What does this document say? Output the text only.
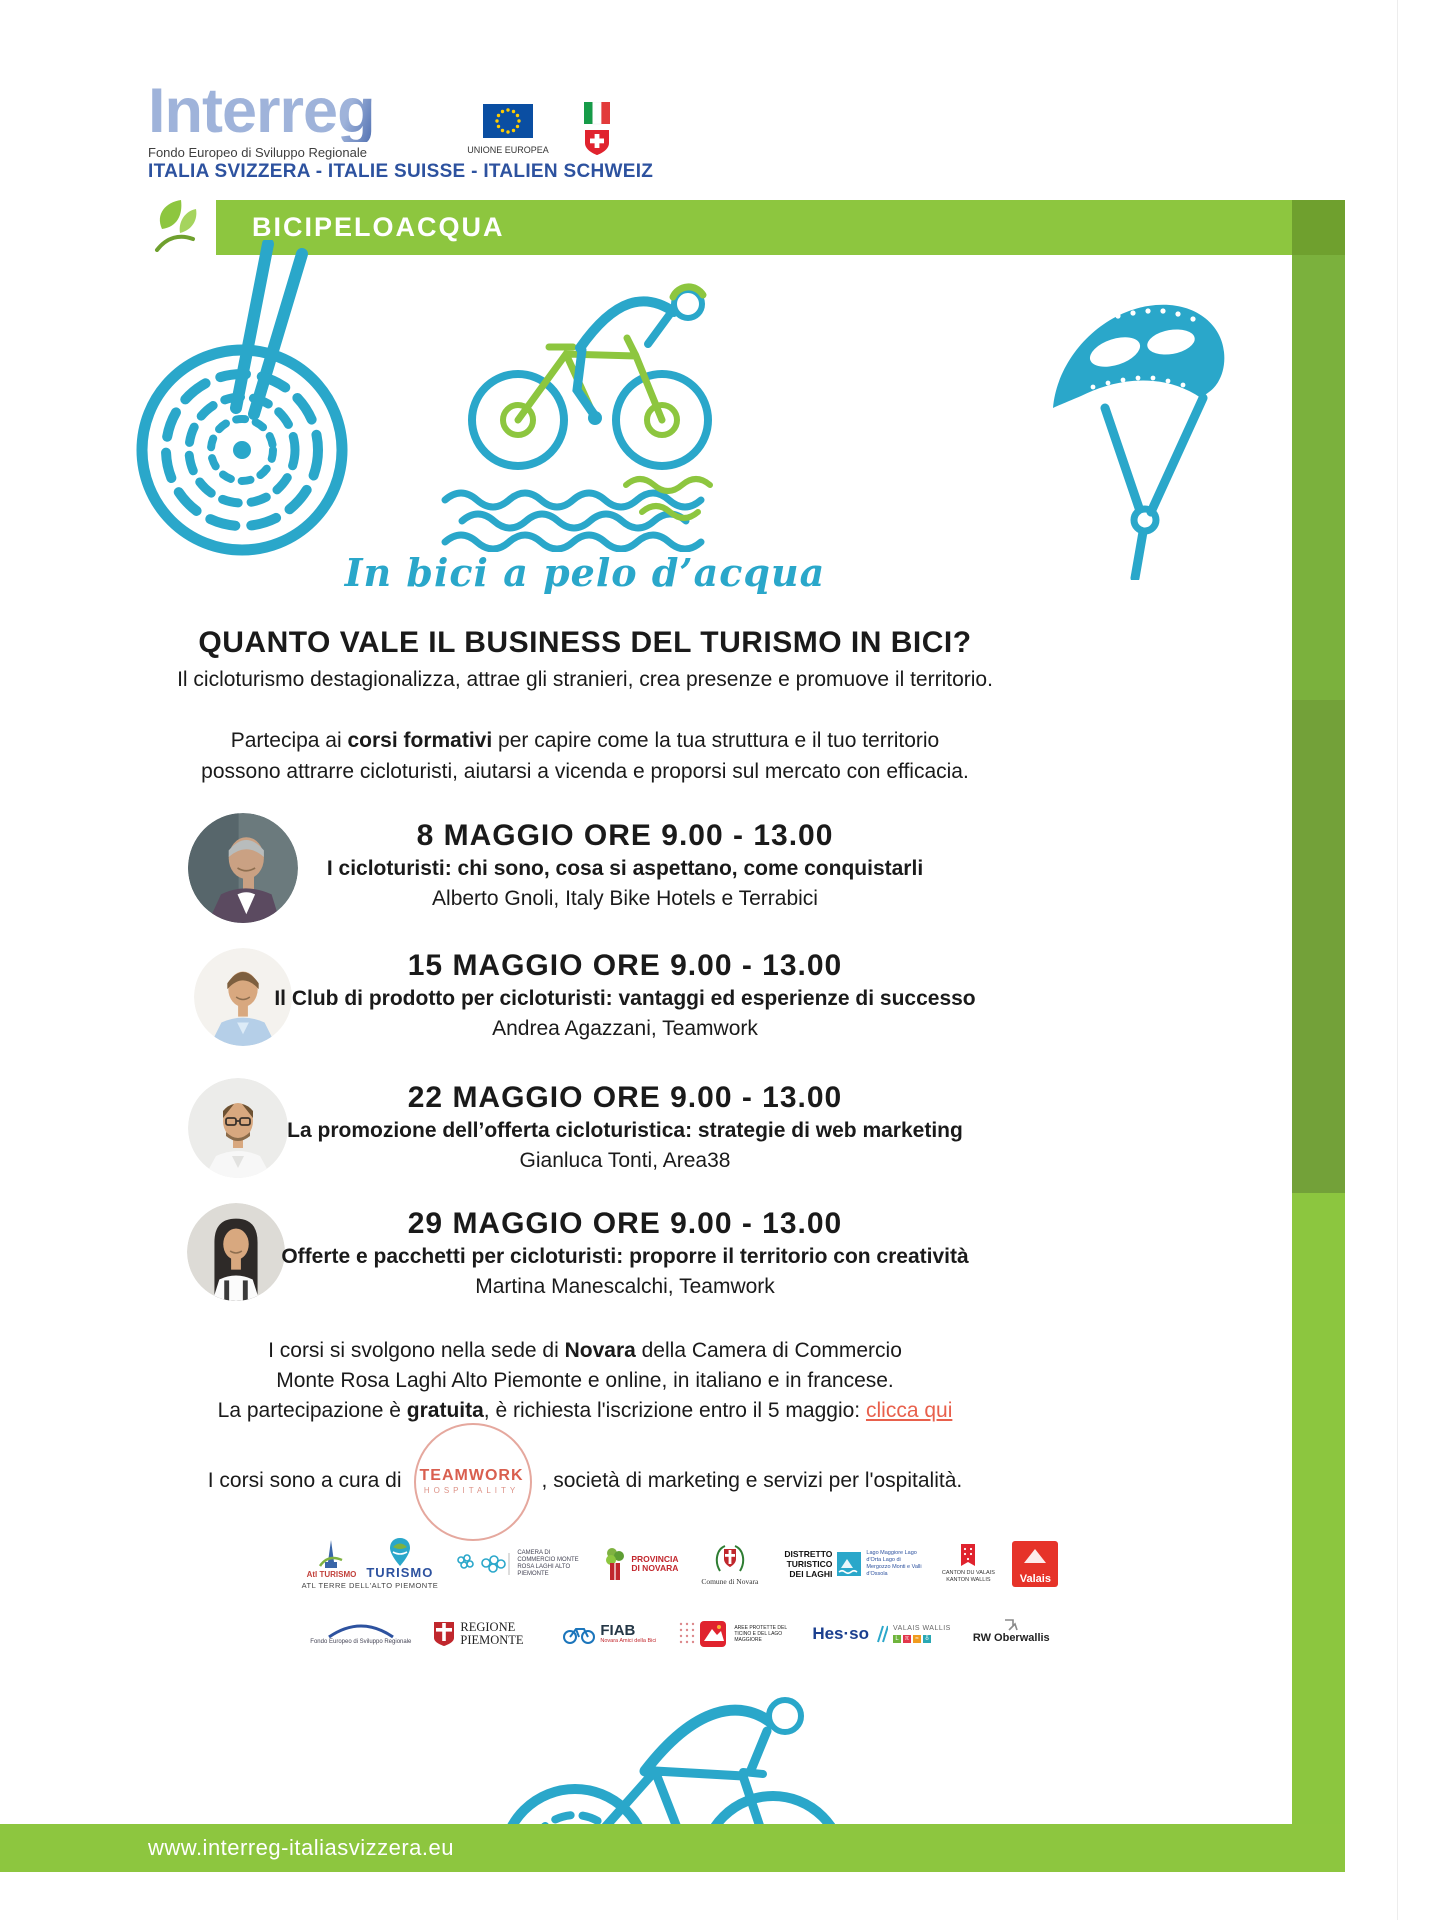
Interreg
Fondo Europeo di Sviluppo Regionale
ITALIA SVIZZERA - ITALIE SUISSE - ITALIEN SCHWEIZ
UNIONE EUROPEA
BICIPELOACQUA
In bici a pelo d’acqua
QUANTO VALE IL BUSINESS DEL TURISMO IN BICI?
Il cicloturismo destagionalizza, attrae gli stranieri, crea presenze e promuove il territorio.
Partecipa ai corsi formativi per capire come la tua struttura e il tuo territorio
possono attrarre cicloturisti, aiutarsi a vicenda e proporsi sul mercato con efficacia.
8 MAGGIO ORE 9.00 - 13.00
I cicloturisti: chi sono, cosa si aspettano, come conquistarli
Alberto Gnoli, Italy Bike Hotels e Terrabici
15 MAGGIO ORE 9.00 - 13.00
Il Club di prodotto per cicloturisti: vantaggi ed esperienze di successo
Andrea Agazzani, Teamwork
22 MAGGIO ORE 9.00 - 13.00
La promozione dell’offerta cicloturistica: strategie di web marketing
Gianluca Tonti, Area38
29 MAGGIO ORE 9.00 - 13.00
Offerte e pacchetti per cicloturisti: proporre il territorio con creatività
Martina Manescalchi, Teamwork
I corsi si svolgono nella sede di Novara della Camera di Commercio
Monte Rosa Laghi Alto Piemonte e online, in italiano e in francese.
La partecipazione è gratuita, è richiesta l'iscrizione entro il 5 maggio: clicca qui
I corsi sono a cura di TEAMWORK
HOSPITALITY , società di marketing e servizi per l'ospitalità.
Atl TURISMO TURISMO
ATL TERRE DELL'ALTO PIEMONTE
CAMERA DI COMMERCIO MONTE ROSA LAGHI ALTO PIEMONTE
PROVINCIA DI NOVARA
Comune di Novara
DISTRETTO TURISTICO DEI LAGHI
Lago Maggiore Lago d'Orta Lago di Mergozzo Monti e Valli d'Ossola	CANTON DU VALAIS KANTON WALLIS	Valais
Fondo Europeo di Sviluppo Regionale
REGIONE PIEMONTE
FIAB
Novara Amici della Bici
AREE PROTETTE DEL TICINO E DEL LAGO MAGGIORE	Hes·so	VALAIS WALLIS
L	π	≈	δ	RW Oberwallis

www.interreg-italiasvizzera.eu
